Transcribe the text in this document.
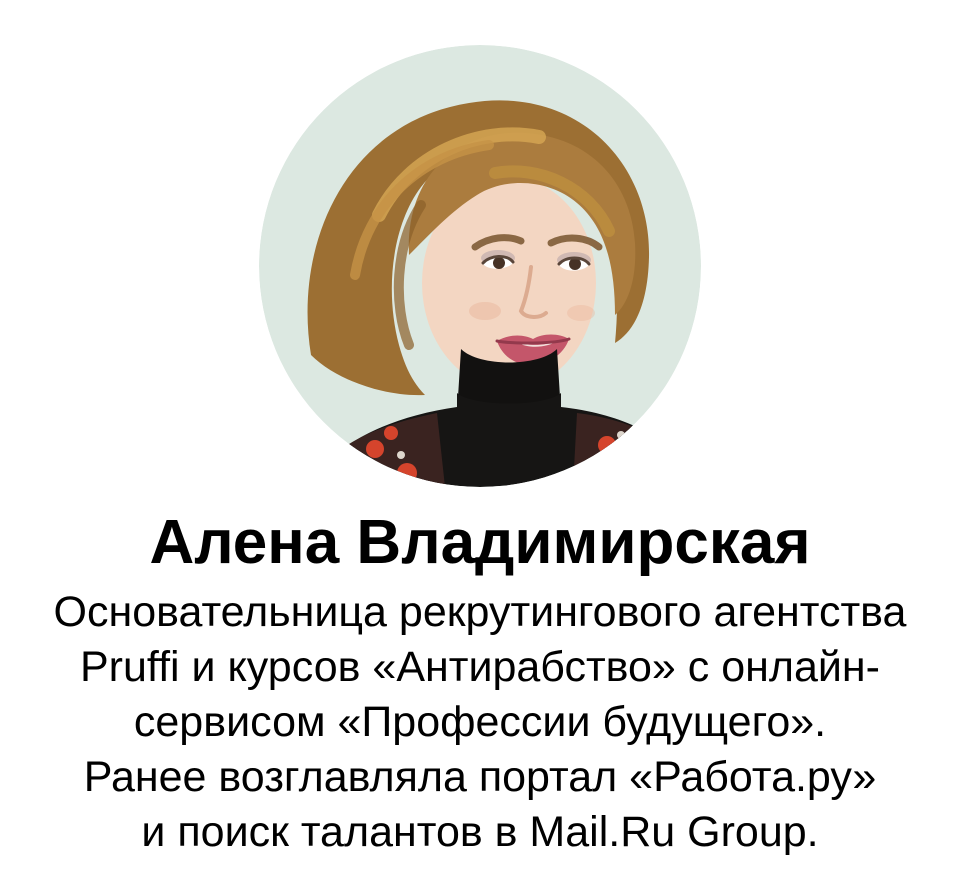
Алена Владимирская

Основательница рекрутингового агентства
Pruffi и курсов «Антирабство» с онлайн-
сервисом «Профессии будущего».
Ранее возглавляла портал «Работа.ру»
и поиск талантов в Mail.Ru Group.
